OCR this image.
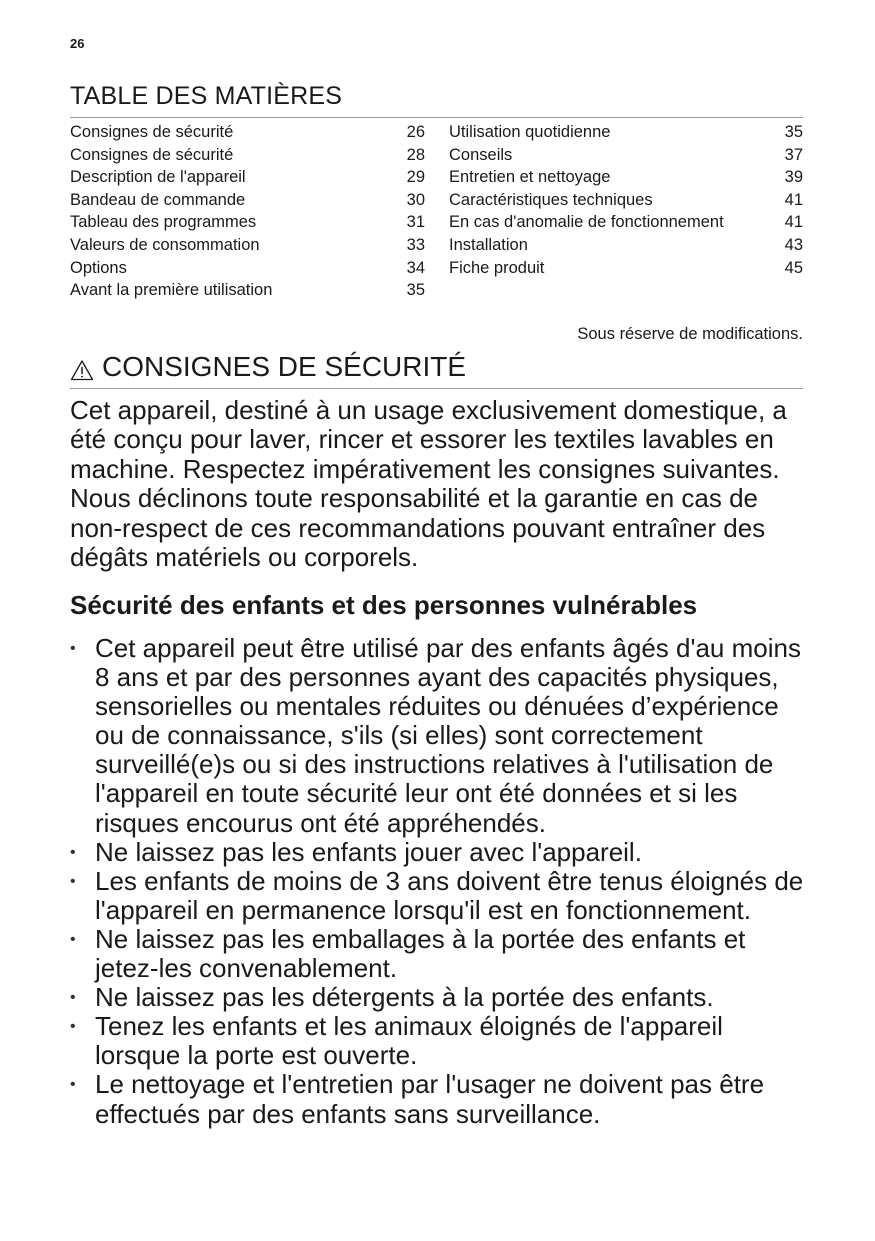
26
TABLE DES MATIÈRES
Consignes de sécurité	26
Consignes de sécurité	28
Description de l'appareil	29
Bandeau de commande	30
Tableau des programmes	31
Valeurs de consommation	33
Options	34
Avant la première utilisation	35
Utilisation quotidienne	35
Conseils	37
Entretien et nettoyage	39
Caractéristiques techniques	41
En cas d'anomalie de fonctionnement	41
Installation	43
Fiche produit	45
Sous réserve de modifications.
CONSIGNES DE SÉCURITÉ

Cet appareil, destiné à un usage exclusivement domestique, a été conçu pour laver, rincer et essorer les textiles lavables en machine. Respectez impérativement les consignes suivantes. Nous déclinons toute responsabilité et la garantie en cas de non-respect de ces recommandations pouvant entraîner des dégâts matériels ou corporels.

Sécurité des enfants et des personnes vulnérables
• Cet appareil peut être utilisé par des enfants âgés d'au moins 8 ans et par des personnes ayant des capacités physiques, sensorielles ou mentales réduites ou dénuées d’expérience ou de connaissance, s'ils (si elles) sont correctement surveillé(e)s ou si des instructions relatives à l'utilisation de l'appareil en toute sécurité leur ont été données et si les risques encourus ont été appréhendés.
• Ne laissez pas les enfants jouer avec l'appareil.
• Les enfants de moins de 3 ans doivent être tenus éloignés de l'appareil en permanence lorsqu'il est en fonctionnement.
• Ne laissez pas les emballages à la portée des enfants et jetez-les convenablement.
• Ne laissez pas les détergents à la portée des enfants.
• Tenez les enfants et les animaux éloignés de l'appareil lorsque la porte est ouverte.
• Le nettoyage et l'entretien par l'usager ne doivent pas être effectués par des enfants sans surveillance.
